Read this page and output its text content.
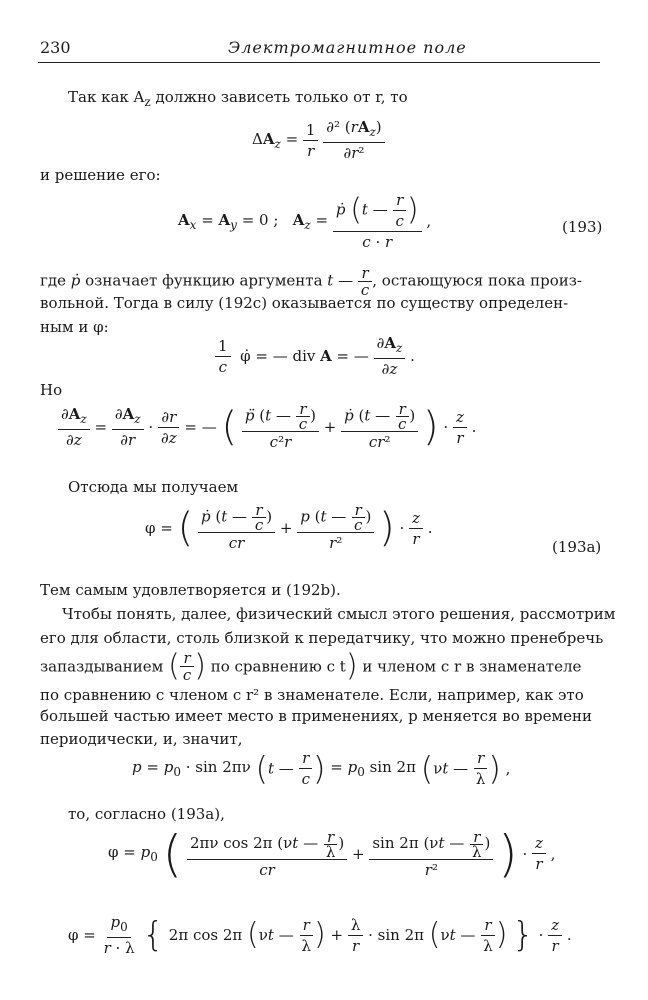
230	Электромагнитное поле
Так как $A_z$ должно зависеть только от r, то
$\Delta A_z = \frac{1}{r}$
$\frac{\partial^2 (rA_z)}{\text{∂r²}}$
и решение его:
$A_x = A_y = 0$ ;   $A_z = \frac{ṗ (t — \frac{r}{c} )}{c \cdot r}$ ,	(193)
где ṗ означает функцию аргумента t — $\frac{r}{c}$ , остающуюся пока произ-
вольной. Тогда в силу (192c) оказывается по существу определен-
ным и φ:
$\frac{1}{c}$ φ̇ = — div A = — $\frac{\partial A_z}{\partial z}$ .
Но
$\frac{\partial A_z}{\partial z} = \frac{\partial A_z}{\partial r} \cdot \frac{\partial r}{\partial z}$ = — ( $\frac{p̈ (t — \frac{r}{c} )}{\text{c²r}} + \frac{ṗ (t — \frac{r}{c} )}{\text{cr²}}$ ) · $\frac{z}{r}$ .
Отсюда мы получаем
φ = ( $\frac{ṗ (t — \frac{r}{c} )}{cr} + \frac{p (t — \frac{r}{c} )}{\text{r²}}$ ) · $\frac{z}{r}$ .
(193a)
Тем самым удовлетворяется и (192b).
Чтобы понять, далее, физический смысл этого решения, рассмотрим
его для области, столь близкой к передатчику, что можно пренебречь
запаздыванием ( $\frac{r}{c}$ ) по сравнению с t) и членом с r в знаменателе
по сравнению с членом с r² в знаменателе. Если, например, как это
большей частью имеет место в применениях, p меняется во времени
периодически, и, значит,
$p = p_0 \cdot \sin 2\pi\nu$ (t — $\frac{r}{c}$ ) = $p_0$ sin 2π (νt — $\frac{r}{\lambda}$ ) ,
то, согласно (193a),
$\varphi = p_0$ ( $\frac{2\pi\nu \cos 2\pi (\nu t — \frac{r}{\lambda} )}{cr} + \frac{\sin 2\pi (\nu t — \frac{r}{\lambda} )}{\text{r²}}$ ) · $\frac{z}{r}$ ,
$\varphi = \frac{p_0}{r \cdot \lambda}$ { 2π cos 2π (νt — $\frac{r}{\lambda}$ ) + $\frac{\lambda}{r} \cdot \sin 2\pi$ (νt — $\frac{r}{\lambda}$ ) } · $\frac{z}{r}$ .
